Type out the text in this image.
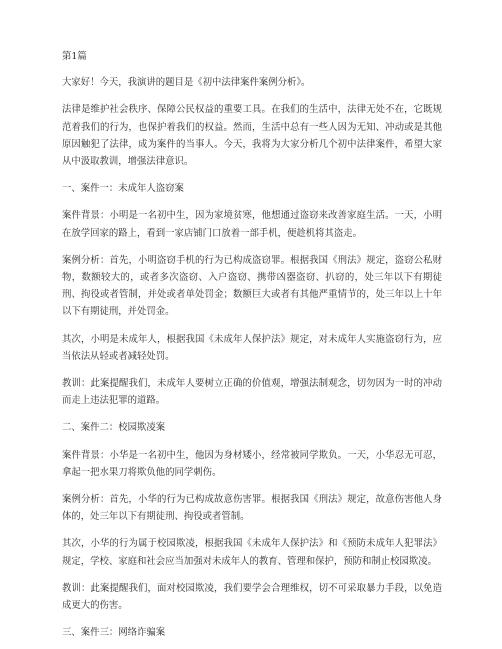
第1篇

大家好！今天，我演讲的题目是《初中法律案件案例分析》。

法律是维护社会秩序、保障公民权益的重要工具。在我们的生活中，法律无处不在，它既规范着我们的行为，也保护着我们的权益。然而，生活中总有一些人因为无知、冲动或是其他原因触犯了法律，成为案件的当事人。今天，我将为大家分析几个初中法律案件，希望大家从中汲取教训，增强法律意识。

一、案件一：未成年人盗窃案

案件背景：小明是一名初中生，因为家境贫寒，他想通过盗窃来改善家庭生活。一天，小明在放学回家的路上，看到一家店铺门口放着一部手机，便趁机将其盗走。

案例分析：首先，小明盗窃手机的行为已构成盗窃罪。根据我国《刑法》规定，盗窃公私财物，数额较大的，或者多次盗窃、入户盗窃、携带凶器盗窃、扒窃的，处三年以下有期徒刑、拘役或者管制，并处或者单处罚金；数额巨大或者有其他严重情节的，处三年以上十年以下有期徒刑，并处罚金。

其次，小明是未成年人，根据我国《未成年人保护法》规定，对未成年人实施盗窃行为，应当依法从轻或者减轻处罚。

教训：此案提醒我们，未成年人要树立正确的价值观，增强法制观念，切勿因为一时的冲动而走上违法犯罪的道路。

二、案件二：校园欺凌案

案件背景：小华是一名初中生，他因为身材矮小，经常被同学欺负。一天，小华忍无可忍，拿起一把水果刀将欺负他的同学刺伤。

案例分析：首先，小华的行为已构成故意伤害罪。根据我国《刑法》规定，故意伤害他人身体的，处三年以下有期徒刑、拘役或者管制。

其次，小华的行为属于校园欺凌，根据我国《未成年人保护法》和《预防未成年人犯罪法》规定，学校、家庭和社会应当加强对未成年人的教育、管理和保护，预防和制止校园欺凌。

教训：此案提醒我们，面对校园欺凌，我们要学会合理维权，切不可采取暴力手段，以免造成更大的伤害。

三、案件三：网络诈骗案
